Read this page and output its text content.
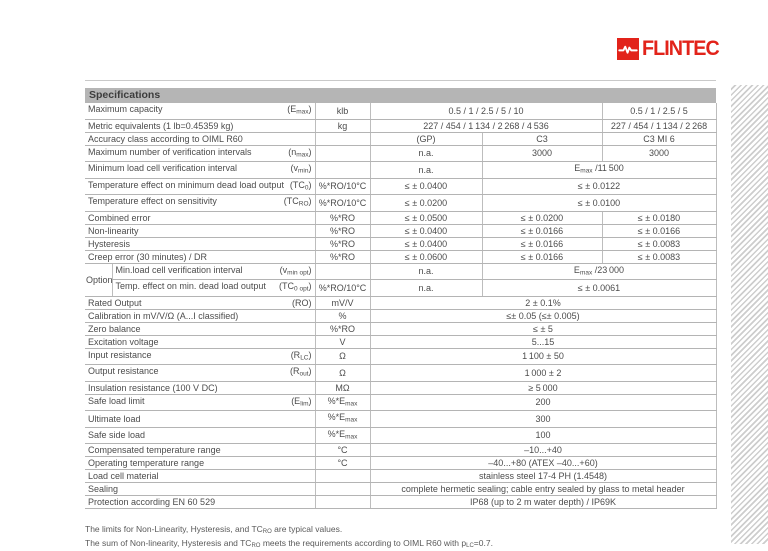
FLINTEC
Specifications
Maximum capacity $(E_{max})$		klb	0.5 / 1 / 2.5 / 5 / 10		0.5 / 1 / 2.5 / 5

Metric equivalents (1 lb=0.45359 kg)		kg	227 / 454 / 1 134 / 2 268 / 4 536		227 / 454 / 1 134 / 2 268

Accuracy class according to OIML R60			(GP)	C3	C3 MI 6

Maximum number of verification intervals $(n_{max})$			n.a.	3000	3000

Minimum load cell verification interval $(v_{min})$			n.a.	$E_{max}$ /11 500	

Temperature effect on minimum dead load output $(TC_0)$		%*RO/10°C	≤ ± 0.0400	≤ ± 0.0122	

Temperature effect on sensitivity $(TC_{RO})$		%*RO/10°C	≤ ± 0.0200	≤ ± 0.0100	

Combined error		%*RO	≤ ± 0.0500	≤ ± 0.0200	≤ ± 0.0180

Non-linearity		%*RO	≤ ± 0.0400	≤ ± 0.0166	≤ ± 0.0166

Hysteresis		%*RO	≤ ± 0.0400	≤ ± 0.0166	≤ ± 0.0083

Creep error (30 minutes) / DR		%*RO	≤ ± 0.0600	≤ ± 0.0166	≤ ± 0.0083
Option	Min.load cell verification interval $(v_{min opt})$		n.a.	$E_{max}$ /23 000	

	Temp. effect on min. dead load output $(TC_{0 opt})$	%*RO/10°C	n.a.	≤ ± 0.0061	

Rated Output (RO)		mV/V	2 ± 0.1%		

Calibration in mV/V/Ω (A...I classified)		%	≤± 0.05 (≤± 0.005)		

Zero balance		%*RO	≤ ± 5		

Excitation voltage		V	5...15		

Input resistance $(R_{LC})$		Ω	1 100 ± 50		

Output resistance $(R_{out})$		Ω	1 000 ± 2		

Insulation resistance (100 V DC)		MΩ	≥ 5 000		

Safe load limit $(E_{lim})$		$\%*E_{max}$	200		

Ultimate load		$\%*E_{max}$	300		

Safe side load		$\%*E_{max}$	100		

Compensated temperature range		°C	–10...+40		

Operating temperature range		°C	–40...+80 (ATEX –40...+60)		

Load cell material			stainless steel 17-4 PH (1.4548)		

Sealing			complete hermetic sealing; cable entry sealed by glass to metal header		

Protection according EN 60 529			IP68 (up to 2 m water depth) / IP69K		

The limits for Non-Linearity, Hysteresis, and $TC_{RO}$ are typical values.

The sum of Non-linearity, Hysteresis and $TC_{RO}$ meets the requirements according to OIML R60 with $p_{LC}=0.7$.
